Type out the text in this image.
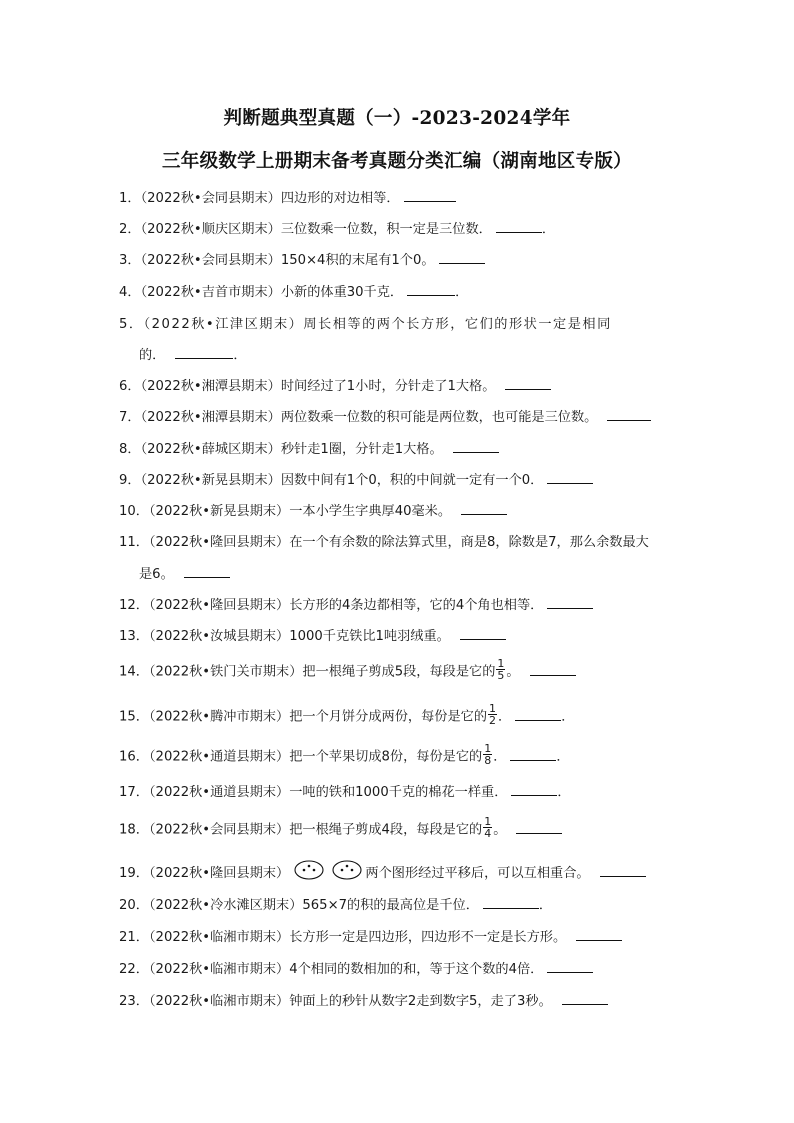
判断题典型真题（一）-2023-2024学年
三年级数学上册期末备考真题分类汇编（湖南地区专版）
1．（2022秋•会同县期末）四边形的对边相等．
2．（2022秋•顺庆区期末）三位数乘一位数，积一定是三位数．	．
3．（2022秋•会同县期末）150×4积的末尾有1个0。
4．（2022秋•吉首市期末）小新的体重30千克．	．
5．（2022秋•江津区期末）周长相等的两个长方形，它们的形状一定是相同
的．	．
6．（2022秋•湘潭县期末）时间经过了1小时，分针走了1大格。
7．（2022秋•湘潭县期末）两位数乘一位数的积可能是两位数，也可能是三位数。
8．（2022秋•薛城区期末）秒针走1圈，分针走1大格。
9．（2022秋•新晃县期末）因数中间有1个0，积的中间就一定有一个0．
10．（2022秋•新晃县期末）一本小学生字典厚40毫米。
11．（2022秋•隆回县期末）在一个有余数的除法算式里，商是8，除数是7，那么余数最大
是6。
12．（2022秋•隆回县期末）长方形的4条边都相等，它的4个角也相等．
13．（2022秋•汝城县期末）1000千克铁比1吨羽绒重。
14．（2022秋•铁门关市期末）把一根绳子剪成5段，每段是它的 $\frac{1}{5}$ 。
15．（2022秋•腾冲市期末）把一个月饼分成两份，每份是它的 $\frac{1}{2}$ ．	．
16．（2022秋•通道县期末）把一个苹果切成8份，每份是它的 $\frac{1}{8}$ ．	．
17．（2022秋•通道县期末）一吨的铁和1000千克的棉花一样重．	．
18．（2022秋•会同县期末）把一根绳子剪成4段，每段是它的 $\frac{1}{4}$ 。
19．（2022秋•隆回县期末）	两个图形经过平移后，可以互相重合。
20．（2022秋•冷水滩区期末）565×7的积的最高位是千位．	．
21．（2022秋•临湘市期末）长方形一定是四边形，四边形不一定是长方形。
22．（2022秋•临湘市期末）4个相同的数相加的和，等于这个数的4倍．
23．（2022秋•临湘市期末）钟面上的秒针从数字2走到数字5，走了3秒。
